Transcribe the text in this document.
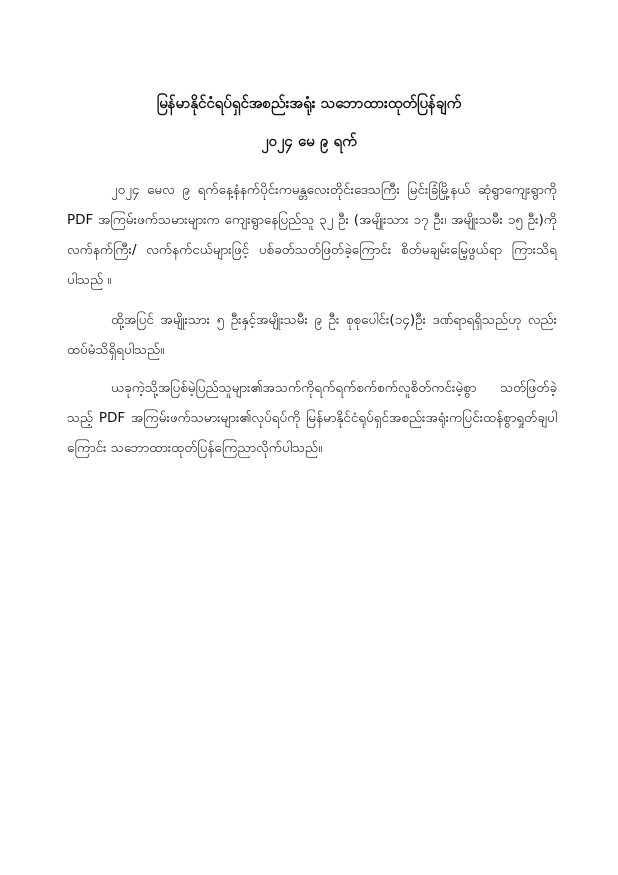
မြန်မာနိုင်ငံရပ်ရှင်အစည်းအရုံး သဘောထားထုတ်ပြန်ချက်
၂၀၂၄ မေ ၉ ရက်

၂၀၂၄ မေလ ၉ ရက်နေ့နံနက်ပိုင်းကမန္တလေးတိုင်းဒေသကြီး မြင်းခြံမြို့နယ် ဆုံရွာကျေးရွာကို PDF အကြမ်းဖက်သမားများက ကျေးရွာနေပြည်သူ ၃၂ ဦး (အမျိုးသား ၁၇ ဦး၊ အမျိုးသမီး ၁၅ ဦး)ကို လက်နက်ကြီး/ လက်နက်ငယ်များဖြင့် ပစ်ခတ်သတ်ဖြတ်ခဲ့ကြောင်း စိတ်မချမ်းမြေ့ဖွယ်ရာ ကြားသိရပါသည် ။

ထို့အပြင် အမျိုးသား ၅ ဦးနှင့်အမျိုးသမီး ၉ ဦး စုစုပေါင်း(၁၄)ဦး ဒဏ်ရာရရှိသည်ဟု လည်းထပ်မံသိရှိရပါသည်။

ယခုကဲ့သို့အပြစ်မဲ့ပြည်သူများ၏အသက်ကိုရက်ရက်စက်စက်လူစိတ်ကင်းမဲ့စွာ သတ်ဖြတ်ခဲ့သည့် PDF အကြမ်းဖက်သမားများ၏လုပ်ရပ်ကို မြန်မာနိုင်ငံရုပ်ရှင်အစည်းအရုံးကပြင်းထန်စွာရှုတ်ချပါကြောင်း သဘောထားထုတ်ပြန်ကြေညာလိုက်ပါသည်။
